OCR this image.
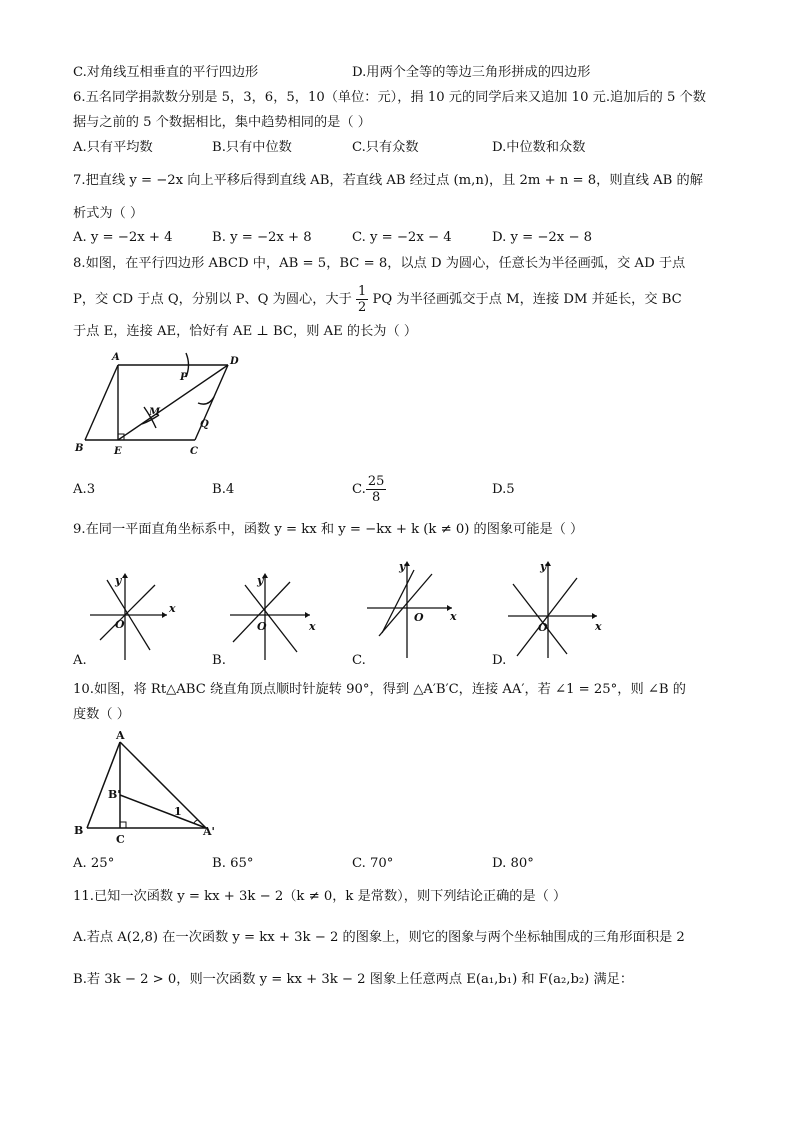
C.对角线互相垂直的平行四边形	D.用两个全等的等边三角形拼成的四边形
6.五名同学捐款数分别是 5，3，6，5，10（单位：元），捐 10 元的同学后来又追加 10 元.追加后的 5 个数
据与之前的 5 个数据相比，集中趋势相同的是（ ）
A.只有平均数	B.只有中位数	C.只有众数	D.中位数和众数
7.把直线 y = −2x 向上平移后得到直线 AB，若直线 AB 经过点 (m,n)，且 2m + n = 8，则直线 AB 的解
析式为（ ）
A. y = −2x + 4	B. y = −2x + 8	C. y = −2x − 4	D. y = −2x − 8
8.如图，在平行四边形 ABCD 中，AB = 5，BC = 8，以点 D 为圆心，任意长为半径画弧，交 AD 于点
P，交 CD 于点 Q，分别以 P、Q 为圆心，大于 $\frac{1}{2}$ PQ 为半径画弧交于点 M，连接 DM 并延长，交 BC
于点 E，连接 AE，恰好有 AE ⊥ BC，则 AE 的长为（ ）
A	D
B	E	C
P
Q
M
A.3	B.4	C. $\frac{25}{8}$	D.5
9.在同一平面直角坐标系中，函数 y = kx 和 y = −kx + k (k ≠ 0) 的图象可能是（ ）
y
x
O
A.
y
x
O
B.
y
x
O
C.
y
x
O
D.
10.如图，将 Rt△ABC 绕直角顶点顺时针旋转 90°，得到 △A′B′C，连接 AA′，若 ∠1 = 25°，则 ∠B 的
度数（ ）
A
B
B'
C
A'
1
A. 25°	B. 65°	C. 70°	D. 80°
11.已知一次函数 y = kx + 3k − 2（k ≠ 0，k 是常数），则下列结论正确的是（ ）
A.若点 A(2,8) 在一次函数 y = kx + 3k − 2 的图象上，则它的图象与两个坐标轴围成的三角形面积是 2
B.若 3k − 2 > 0，则一次函数 y = kx + 3k − 2 图象上任意两点 E(a₁,b₁) 和 F(a₂,b₂) 满足：
